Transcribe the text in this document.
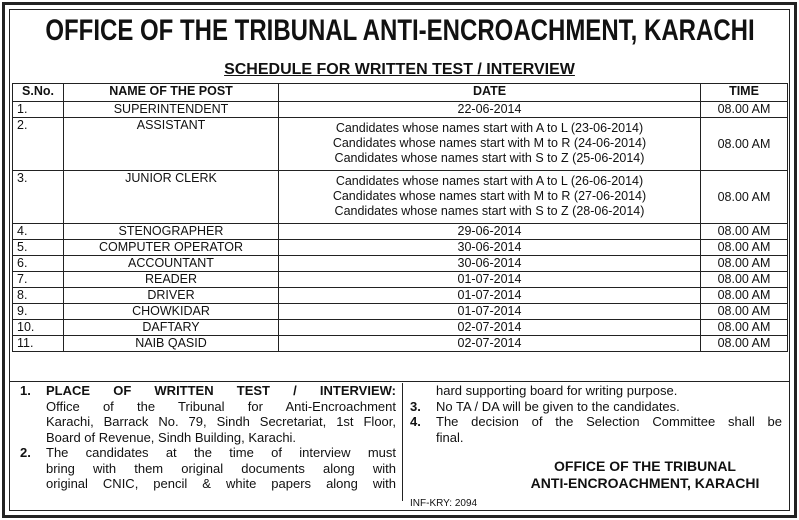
OFFICE OF THE TRIBUNAL ANTI-ENCROACHMENT, KARACHI
SCHEDULE FOR WRITTEN TEST / INTERVIEW
S.No.	NAME OF THE POST	DATE	TIME
1.	SUPERINTENDENT	22-06-2014	08.00 AM
2.	ASSISTANT	Candidates whose names start with A to L (23-06-2014)
Candidates whose names start with M to R (24-06-2014)
Candidates whose names start with S to Z (25-06-2014)	08.00 AM
3.	JUNIOR CLERK	Candidates whose names start with A to L (26-06-2014)
Candidates whose names start with M to R (27-06-2014)
Candidates whose names start with S to Z (28-06-2014)	08.00 AM
4.	STENOGRAPHER	29-06-2014	08.00 AM
5.	COMPUTER OPERATOR	30-06-2014	08.00 AM
6.	ACCOUNTANT	30-06-2014	08.00 AM
7.	READER	01-07-2014	08.00 AM
8.	DRIVER	01-07-2014	08.00 AM
9.	CHOWKIDAR	01-07-2014	08.00 AM
10.	DAFTARY	02-07-2014	08.00 AM
11.	NAIB QASID	02-07-2014	08.00 AM
1.	PLACE OF WRITTEN TEST / INTERVIEW:
Office of the Tribunal for Anti-Encroachment
Karachi, Barrack No. 79, Sindh Secretariat, 1st Floor,
Board of Revenue, Sindh Building, Karachi.
2.	The candidates at the time of interview must
bring with them original documents along with
original CNIC, pencil & white papers along with
hard supporting board for writing purpose.
3.	No TA / DA will be given to the candidates.
4.	The decision of the Selection Committee shall be
final.
OFFICE OF THE TRIBUNAL
ANTI-ENCROACHMENT, KARACHI
INF-KRY: 2094
